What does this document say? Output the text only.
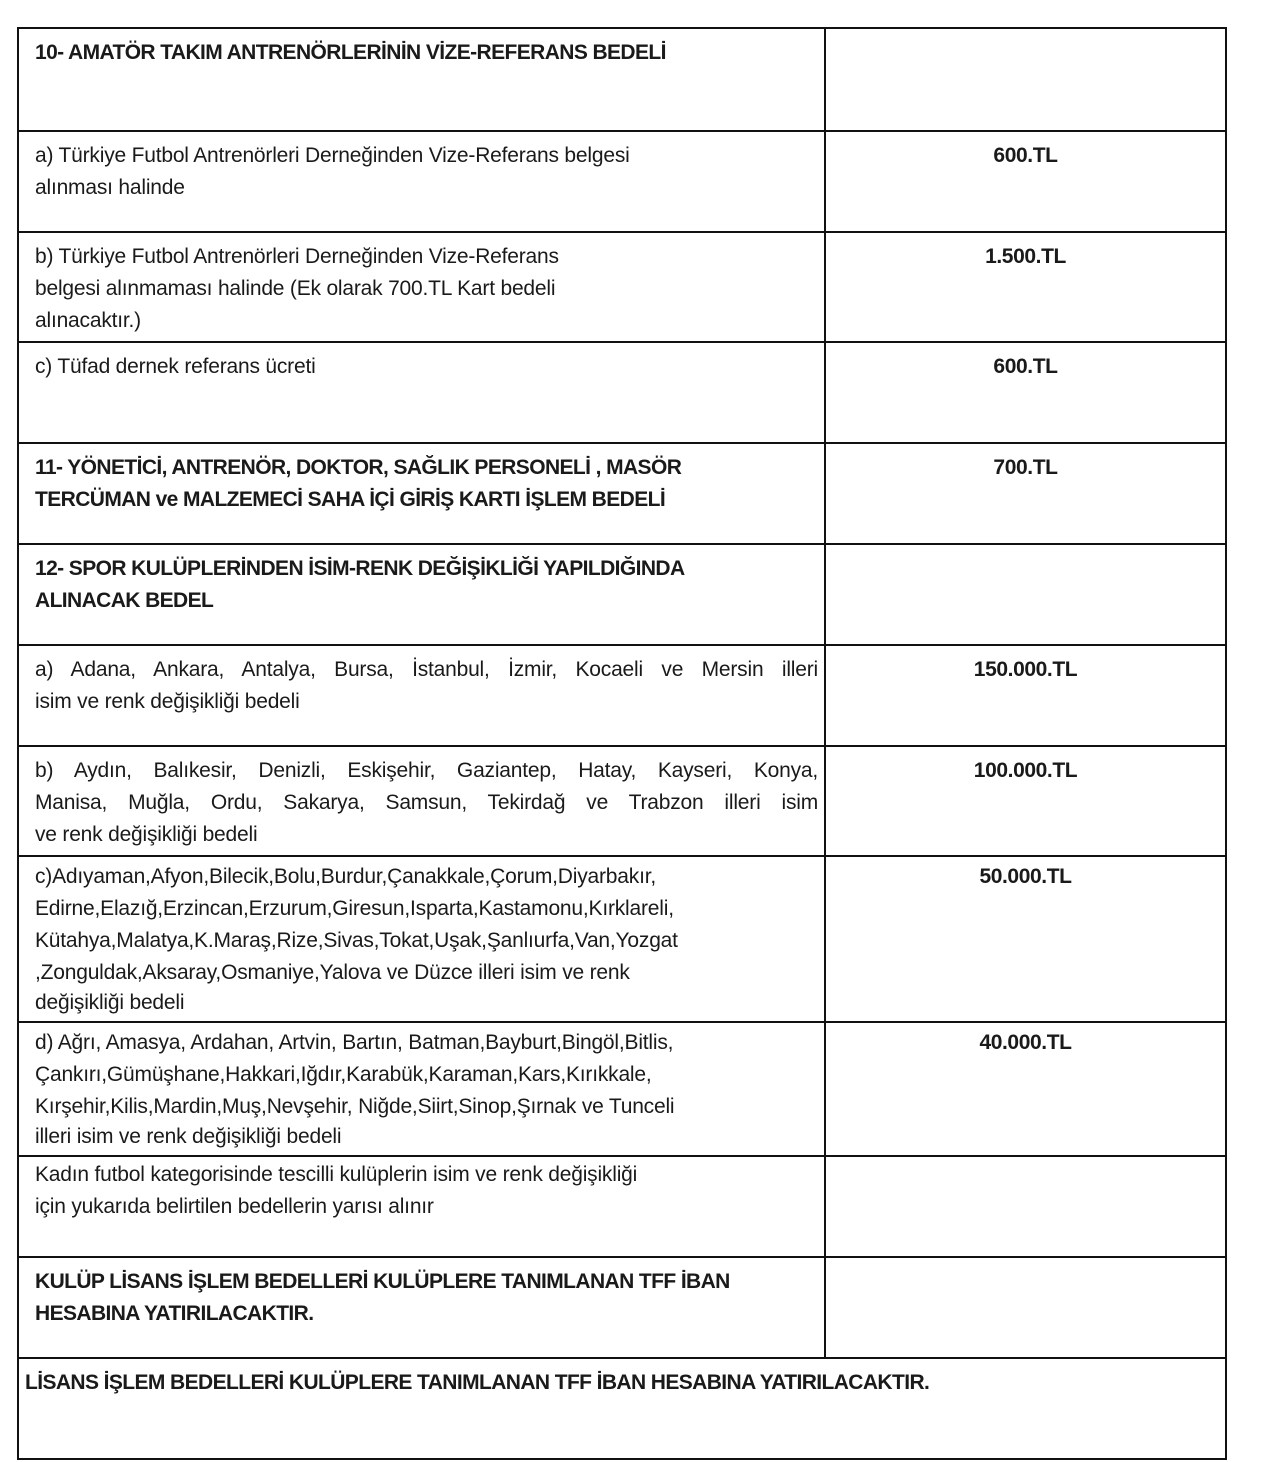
10- AMATÖR TAKIM ANTRENÖRLERİNİN VİZE-REFERANS BEDELİ	

a) Türkiye Futbol Antrenörleri Derneğinden Vize-Referans belgesi
alınması halinde	600.TL

b) Türkiye Futbol Antrenörleri Derneğinden Vize-Referans
belgesi alınmaması halinde (Ek olarak 700.TL Kart bedeli
alınacaktır.)	1.500.TL

c) Tüfad dernek referans ücreti	600.TL

11- YÖNETİCİ, ANTRENÖR, DOKTOR, SAĞLIK PERSONELİ , MASÖR
TERCÜMAN ve MALZEMECİ SAHA İÇİ GİRİŞ KARTI İŞLEM BEDELİ	700.TL

12- SPOR KULÜPLERİNDEN İSİM-RENK DEĞİŞİKLİĞİ YAPILDIĞINDA
ALINACAK BEDEL	

a) Adana, Ankara, Antalya, Bursa, İstanbul, İzmir, Kocaeli ve Mersin illeri
isim ve renk değişikliği bedeli	150.000.TL

b) Aydın, Balıkesir, Denizli, Eskişehir, Gaziantep, Hatay, Kayseri, Konya,
Manisa, Muğla, Ordu, Sakarya, Samsun, Tekirdağ ve Trabzon illeri isim
ve renk değişikliği bedeli	100.000.TL

c)Adıyaman,Afyon,Bilecik,Bolu,Burdur,Çanakkale,Çorum,Diyarbakır,
Edirne,Elazığ,Erzincan,Erzurum,Giresun,Isparta,Kastamonu,Kırklareli,
Kütahya,Malatya,K.Maraş,Rize,Sivas,Tokat,Uşak,Şanlıurfa,Van,Yozgat
,Zonguldak,Aksaray,Osmaniye,Yalova ve Düzce illeri isim ve renk
değişikliği bedeli	50.000.TL

d) Ağrı, Amasya, Ardahan, Artvin, Bartın, Batman,Bayburt,Bingöl,Bitlis,
Çankırı,Gümüşhane,Hakkari,Iğdır,Karabük,Karaman,Kars,Kırıkkale,
Kırşehir,Kilis,Mardin,Muş,Nevşehir, Niğde,Siirt,Sinop,Şırnak ve Tunceli
illeri isim ve renk değişikliği bedeli	40.000.TL

Kadın futbol kategorisinde tescilli kulüplerin isim ve renk değişikliği
için yukarıda belirtilen bedellerin yarısı alınır	

KULÜP LİSANS İŞLEM BEDELLERİ KULÜPLERE TANIMLANAN TFF İBAN
HESABINA YATIRILACAKTIR.	

LİSANS İŞLEM BEDELLERİ KULÜPLERE TANIMLANAN TFF İBAN HESABINA YATIRILACAKTIR.	
